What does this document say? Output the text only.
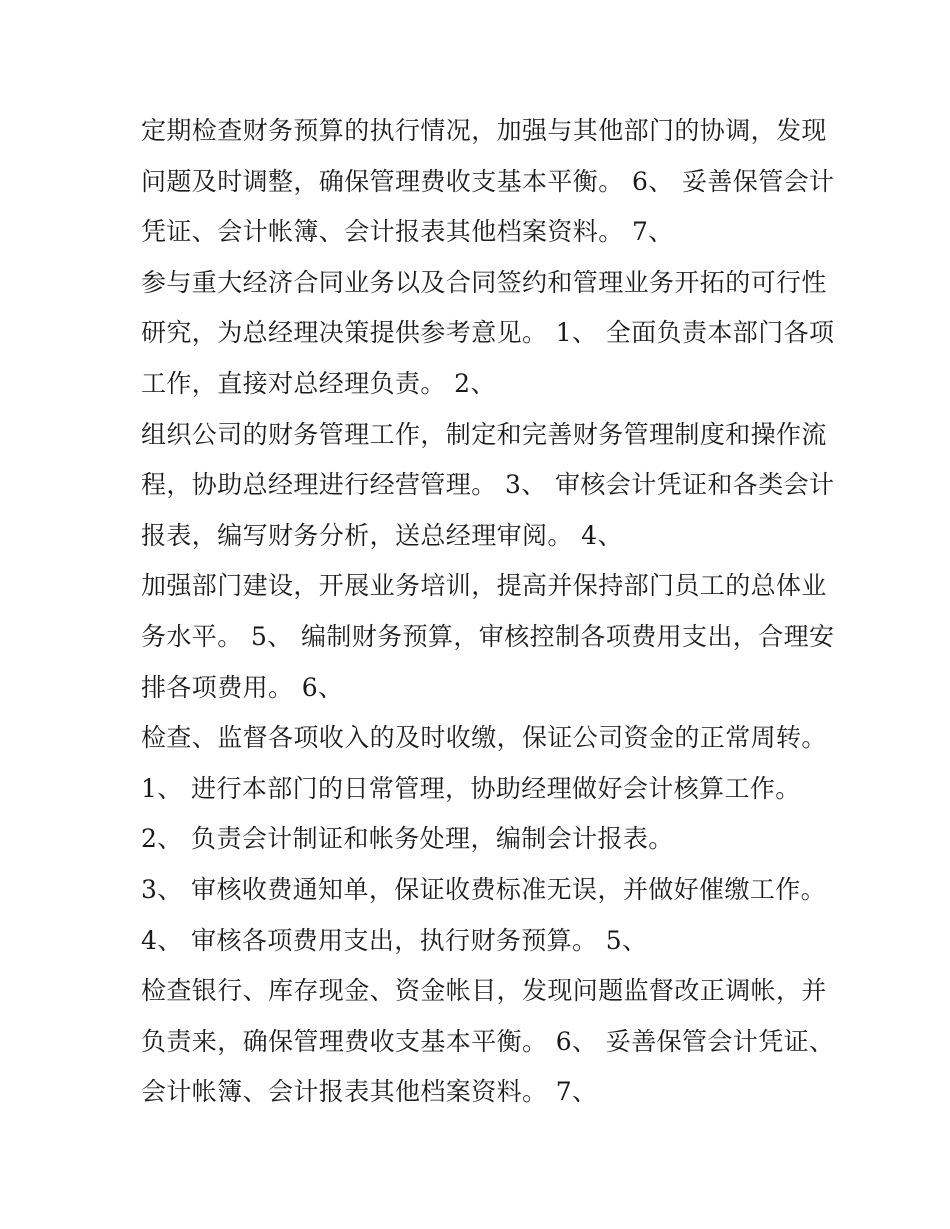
定期检查财务预算的执行情况，加强与其他部门的协调，发现
问题及时调整，确保管理费收支基本平衡。 6、 妥善保管会计
凭证、会计帐簿、会计报表其他档案资料。 7、
参与重大经济合同业务以及合同签约和管理业务开拓的可行性
研究，为总经理决策提供参考意见。 1、 全面负责本部门各项
工作，直接对总经理负责。 2、
组织公司的财务管理工作，制定和完善财务管理制度和操作流
程，协助总经理进行经营管理。 3、 审核会计凭证和各类会计
报表，编写财务分析，送总经理审阅。 4、
加强部门建设，开展业务培训，提高并保持部门员工的总体业
务水平。 5、 编制财务预算，审核控制各项费用支出，合理安
排各项费用。 6、
检查、监督各项收入的及时收缴，保证公司资金的正常周转。
1、 进行本部门的日常管理，协助经理做好会计核算工作。
2、 负责会计制证和帐务处理，编制会计报表。
3、 审核收费通知单，保证收费标准无误，并做好催缴工作。
4、 审核各项费用支出，执行财务预算。 5、
检查银行、库存现金、资金帐目，发现问题监督改正调帐，并
负责来，确保管理费收支基本平衡。 6、 妥善保管会计凭证、
会计帐簿、会计报表其他档案资料。 7、
